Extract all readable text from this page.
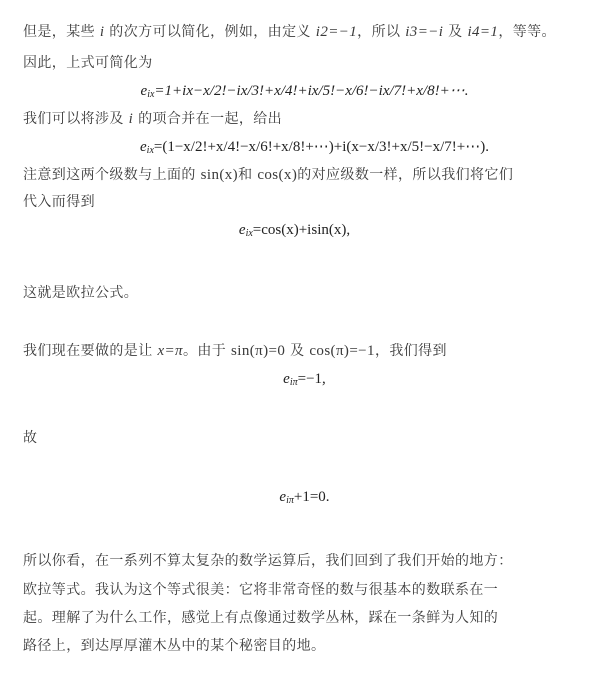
但是，某些 i 的次方可以简化，例如，由定义 i2=−1，所以 i3=−i 及 i4=1，等等。
因此，上式可简化为
$e_{ix}=1+ix-x/2!-ix/3!+x/4!+ix/5!-x/6!-ix/7!+x/8!+\cdots$.
我们可以将涉及 i 的项合并在一起，给出
$e_{ix}=(1-x/2!+x/4!-x/6!+x/8!+\cdots)+i(x-x/3!+x/5!-x/7!+\cdots)$.
注意到这两个级数与上面的 sin(x)和 cos(x)的对应级数一样，所以我们将它们
代入而得到
$e_{ix}=\cos(x)+isin(x)$,
这就是欧拉公式。
我们现在要做的是让 x=π。由于 sin(π)=0 及 cos(π)=−1，我们得到
$e_{i\pi}=-1$,
故
$e_{i\pi}+1=0$.
所以你看，在一系列不算太复杂的数学运算后，我们回到了我们开始的地方：
欧拉等式。我认为这个等式很美：它将非常奇怪的数与很基本的数联系在一
起。理解了为什么工作，感觉上有点像通过数学丛林，踩在一条鲜为人知的
路径上，到达厚厚灌木丛中的某个秘密目的地。
